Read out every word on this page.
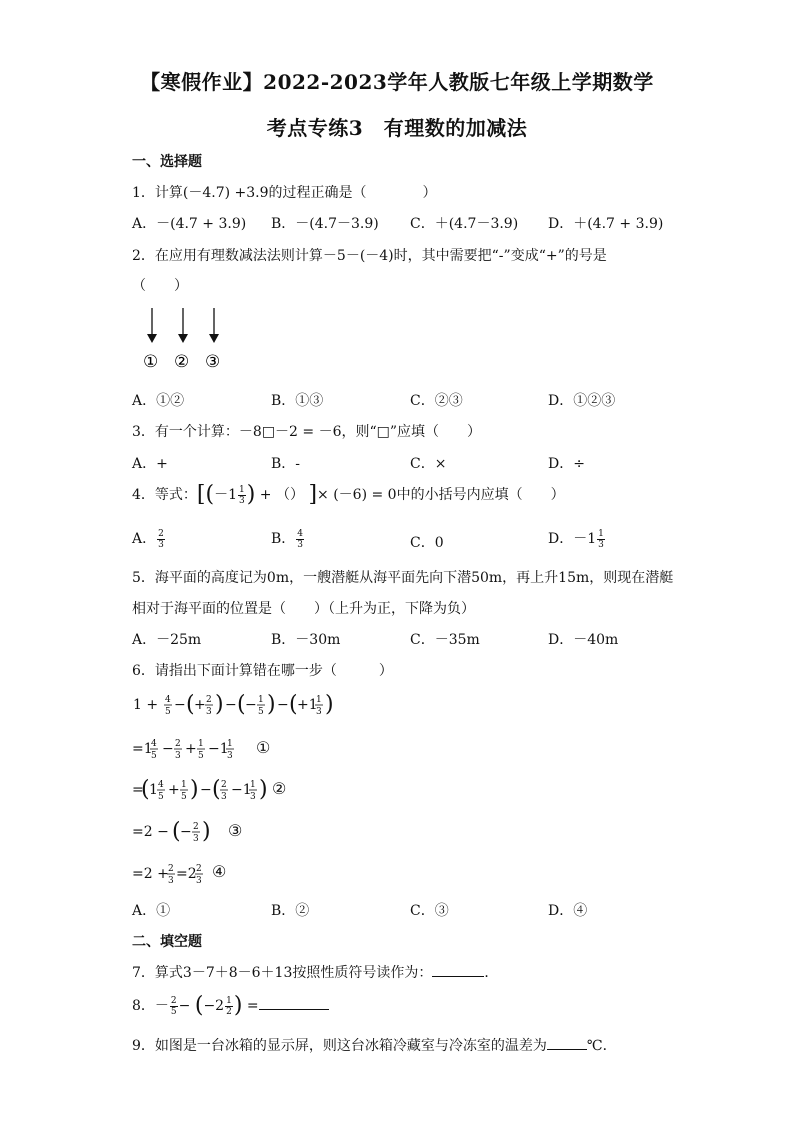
【寒假作业】2022-2023学年人教版七年级上学期数学
考点专练3　有理数的加减法
一、选择题
1．计算(－4.7) +3.9的过程正确是（　　　　）
A．－(4.7 + 3.9) B．－(4.7－3.9) C．＋(4.7－3.9) D．＋(4.7 + 3.9)
2．在应用有理数减法法则计算－5－(－4)时，其中需要把“-”变成“+”的号是
（　　）
① ② ③
A．①②	B．①③	C．②③	D．①②③
3．有一个计算：－8□－2 = －6，则“□”应填（　　）
A．+	B．-	C．×	D．÷
4．等式：[($-1 \frac{1}{3}$ ) + （） ]× (－6) = 0中的小括号内应填（　　）
A． $\frac{2}{3}$	B． $\frac{4}{3}$	C．0	D．$-1 \frac{1}{3}$
5．海平面的高度记为0m，一艘潜艇从海平面先向下潜50m，再上升15m，则现在潜艇
相对于海平面的位置是（　　）（上升为正，下降为负）
A．－25m	B．－30m	C．－35m	D．－40m
6．请指出下面计算错在哪一步（　　　）
1 + 4
5 − ( + 2
3 ) − ( − 1
5 ) − ( +1
1
3 )
=1
4
5 − 2
3 + 1
5 −1
1
3 ①
=
( 1 4
5 + 1
5 ) − ( 2
3 −1
1
3 ) ②
=2 − ( − 2
3 ) ③
=2 + 2
3 =2 2
3 ④
A．①	B．②	C．③	D．④
二、填空题
7．算式3－7＋8－6＋13按照性质符号读作为：	．
8．－ $\frac{2}{5} - (-2 \frac{1}{2}$ ) =
9．如图是一台冰箱的显示屏，则这台冰箱冷藏室与冷冻室的温差为	℃．
